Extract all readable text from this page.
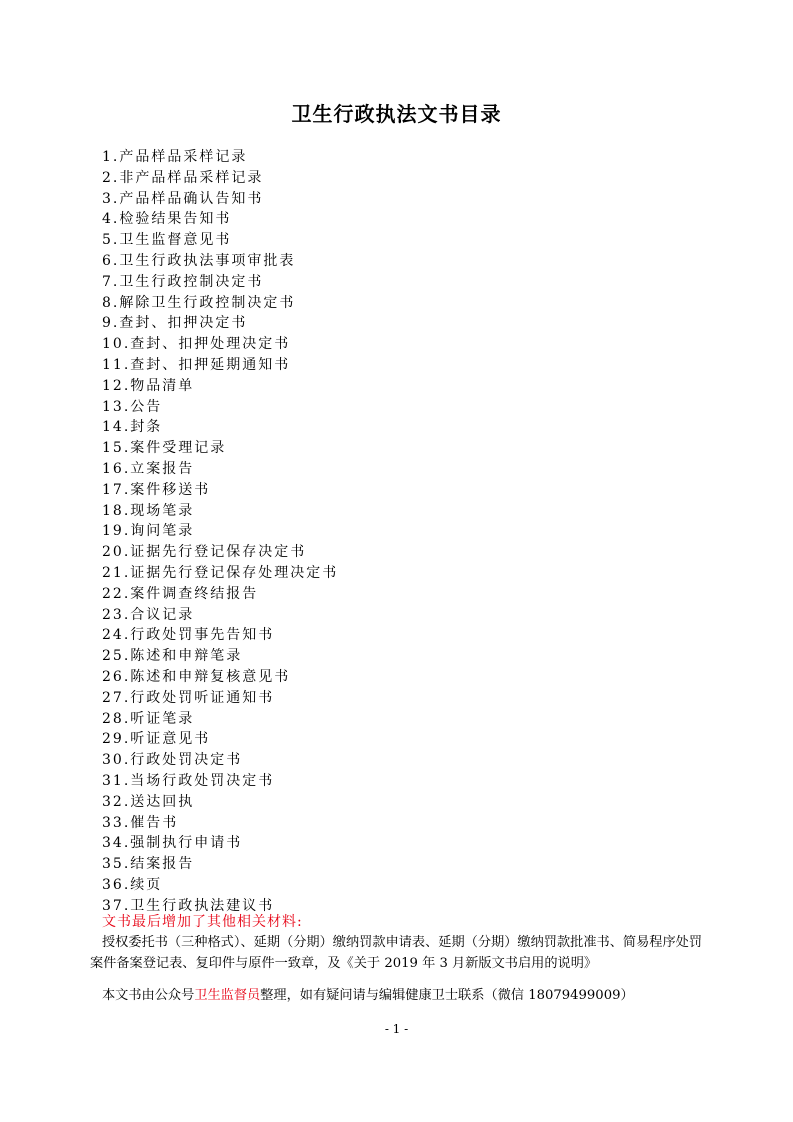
卫生行政执法文书目录
1.产品样品采样记录
2.非产品样品采样记录
3.产品样品确认告知书
4.检验结果告知书
5.卫生监督意见书
6.卫生行政执法事项审批表
7.卫生行政控制决定书
8.解除卫生行政控制决定书
9.查封、扣押决定书
10.查封、扣押处理决定书
11.查封、扣押延期通知书
12.物品清单
13.公告
14.封条
15.案件受理记录
16.立案报告
17.案件移送书
18.现场笔录
19.询问笔录
20.证据先行登记保存决定书
21.证据先行登记保存处理决定书
22.案件调查终结报告
23.合议记录
24.行政处罚事先告知书
25.陈述和申辩笔录
26.陈述和申辩复核意见书
27.行政处罚听证通知书
28.听证笔录
29.听证意见书
30.行政处罚决定书
31.当场行政处罚决定书
32.送达回执
33.催告书
34.强制执行申请书
35.结案报告
36.续页
37.卫生行政执法建议书
文书最后增加了其他相关材料:

授权委托书（三种格式）、延期（分期）缴纳罚款申请表、延期（分期）缴纳罚款批准书、简易程序处罚案件备案登记表、复印件与原件一致章，及《关于 2019 年 3 月新版文书启用的说明》

本文书由公众号卫生监督员整理，如有疑问请与编辑健康卫士联系（微信 18079499009）
- 1 -
